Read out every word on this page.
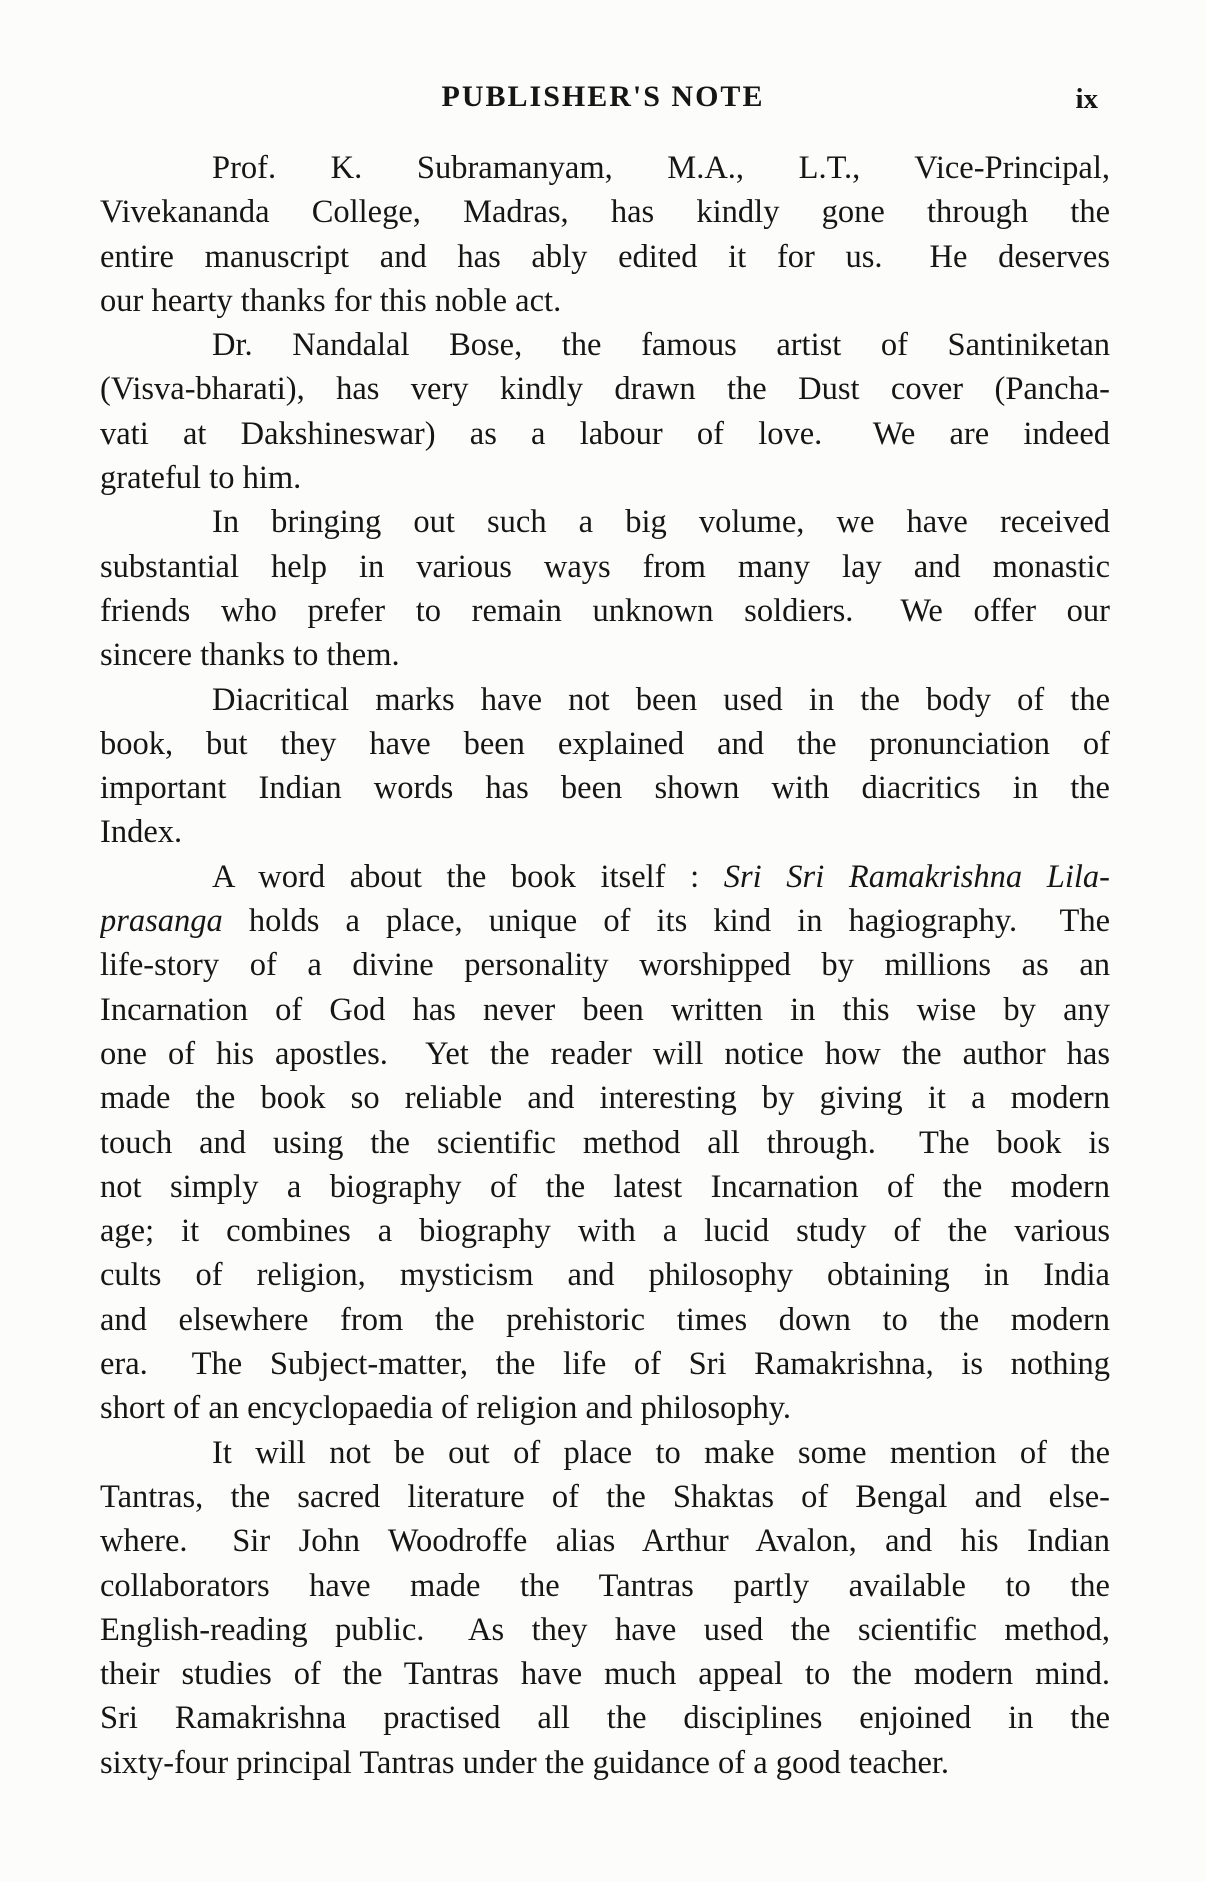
PUBLISHER'S NOTE	ix
Prof. K. Subramanyam, M.A., L.T., Vice-Principal,
Vivekananda College, Madras, has kindly gone through the
entire manuscript and has ably edited it for us.  He deserves
our hearty thanks for this noble act.
Dr. Nandalal Bose, the famous artist of Santiniketan
(Visva-bharati), has very kindly drawn the Dust cover (Pancha-
vati at Dakshineswar) as a labour of love.  We are indeed
grateful to him.
In bringing out such a big volume, we have received
substantial help in various ways from many lay and monastic
friends who prefer to remain unknown soldiers.  We offer our
sincere thanks to them.
Diacritical marks have not been used in the body of the
book, but they have been explained and the pronunciation of
important Indian words has been shown with diacritics in the
Index.
A word about the book itself : Sri Sri Ramakrishna Lila-
prasanga holds a place, unique of its kind in hagiography.  The
life-story of a divine personality worshipped by millions as an
Incarnation of God has never been written in this wise by any
one of his apostles.  Yet the reader will notice how the author has
made the book so reliable and interesting by giving it a modern
touch and using the scientific method all through.  The book is
not simply a biography of the latest Incarnation of the modern
age; it combines a biography with a lucid study of the various
cults of religion, mysticism and philosophy obtaining in India
and elsewhere from the prehistoric times down to the modern
era.  The Subject-matter, the life of Sri Ramakrishna, is nothing
short of an encyclopaedia of religion and philosophy.
It will not be out of place to make some mention of the
Tantras, the sacred literature of the Shaktas of Bengal and else-
where.  Sir John Woodroffe alias Arthur Avalon, and his Indian
collaborators have made the Tantras partly available to the
English-reading public.  As they have used the scientific method,
their studies of the Tantras have much appeal to the modern mind.
Sri Ramakrishna practised all the disciplines enjoined in the
sixty-four principal Tantras under the guidance of a good teacher.
